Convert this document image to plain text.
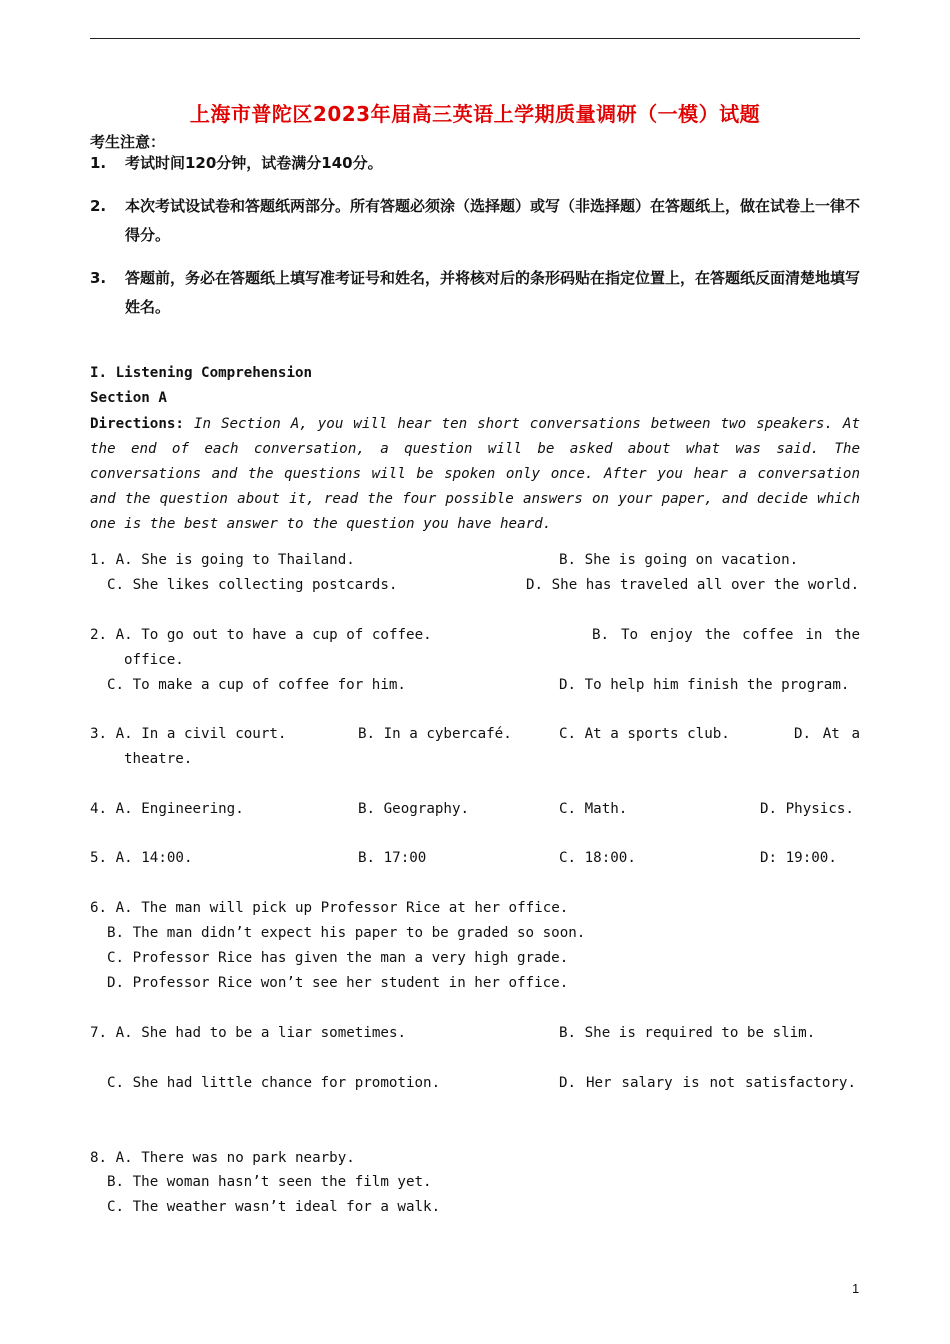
上海市普陀区2023年届高三英语上学期质量调研（一模）试题
考生注意：
1. 考试时间120分钟，试卷满分140分。
2. 本次考试设试卷和答题纸两部分。所有答题必须涂（选择题）或写（非选择题）在答题纸上，做在试卷上一律不得分。
3. 答题前，务必在答题纸上填写准考证号和姓名，并将核对后的条形码贴在指定位置上，在答题纸反面清楚地填写姓名。
I. Listening Comprehension
Section A
Directions: In Section A, you will hear ten short conversations between two speakers. At the end of each conversation, a question will be asked about what was said. The conversations and the questions will be spoken only once. After you hear a conversation and the question about it, read the four possible answers on your paper, and decide which one is the best answer to the question you have heard.
1. A. She is going to Thailand.	B. She is going on vacation.
C. She likes collecting postcards.	D. She has traveled all over the world.
2. A. To go out to have a cup of coffee.	B. To enjoy the coffee in the
office.
C. To make a cup of coffee for him.	D. To help him finish the program.
3. A. In a civil court.	B. In a cybercafé.	C. At a sports club.	D. At a
theatre.
4. A. Engineering.	B. Geography.	C. Math.	D. Physics.
5. A. 14:00.	B. 17:00	C. 18:00.	D: 19:00.
6. A. The man will pick up Professor Rice at her office.
B. The man didn’t expect his paper to be graded so soon.
C. Professor Rice has given the man a very high grade.
D. Professor Rice won’t see her student in her office.
7. A. She had to be a liar sometimes.	B. She is required to be slim.
C. She had little chance for promotion.	D. Her salary is not satisfactory.
8. A. There was no park nearby.
B. The woman hasn’t seen the film yet.
C. The weather wasn’t ideal for a walk.
1
